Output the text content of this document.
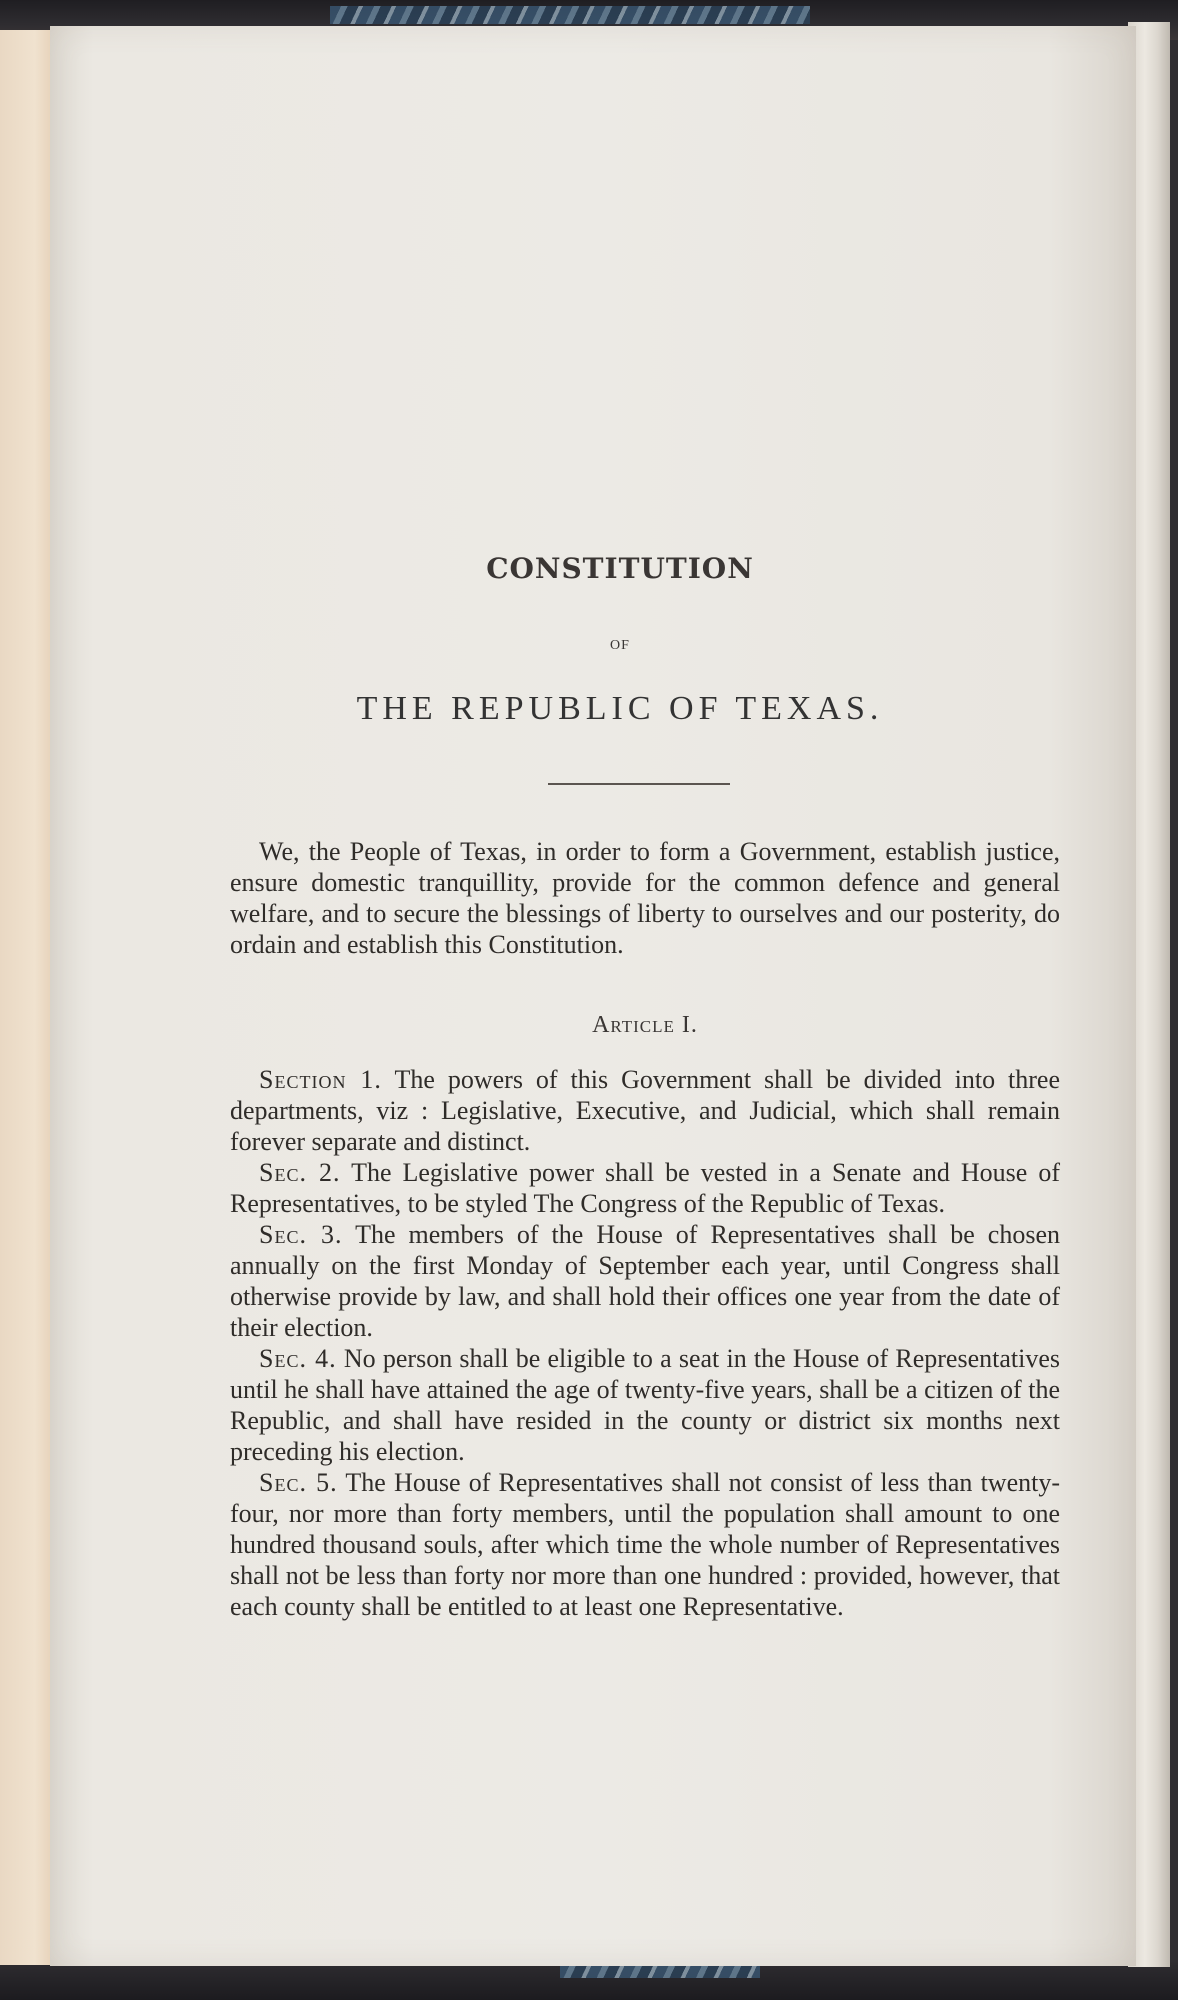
CONSTITUTION
OF
THE REPUBLIC OF TEXAS.
We, the People of Texas, in order to form a Government, establish justice, ensure domestic tranquillity, provide for the common defence and general welfare, and to secure the blessings of liberty to ourselves and our posterity, do ordain and establish this Constitution.
Article I.

Section 1. The powers of this Government shall be divided into three departments, viz : Legislative, Executive, and Judicial, which shall remain forever separate and distinct.

Sec. 2. The Legislative power shall be vested in a Senate and House of Representatives, to be styled The Congress of the Republic of Texas.

Sec. 3. The members of the House of Representatives shall be chosen annually on the first Monday of September each year, until Congress shall otherwise provide by law, and shall hold their offices one year from the date of their election.

Sec. 4. No person shall be eligible to a seat in the House of Representatives until he shall have attained the age of twenty-five years, shall be a citizen of the Republic, and shall have resided in the county or district six months next preceding his election.

Sec. 5. The House of Representatives shall not consist of less than twenty-four, nor more than forty members, until the population shall amount to one hundred thousand souls, after which time the whole number of Representatives shall not be less than forty nor more than one hundred : provided, however, that each county shall be entitled to at least one Representative.
